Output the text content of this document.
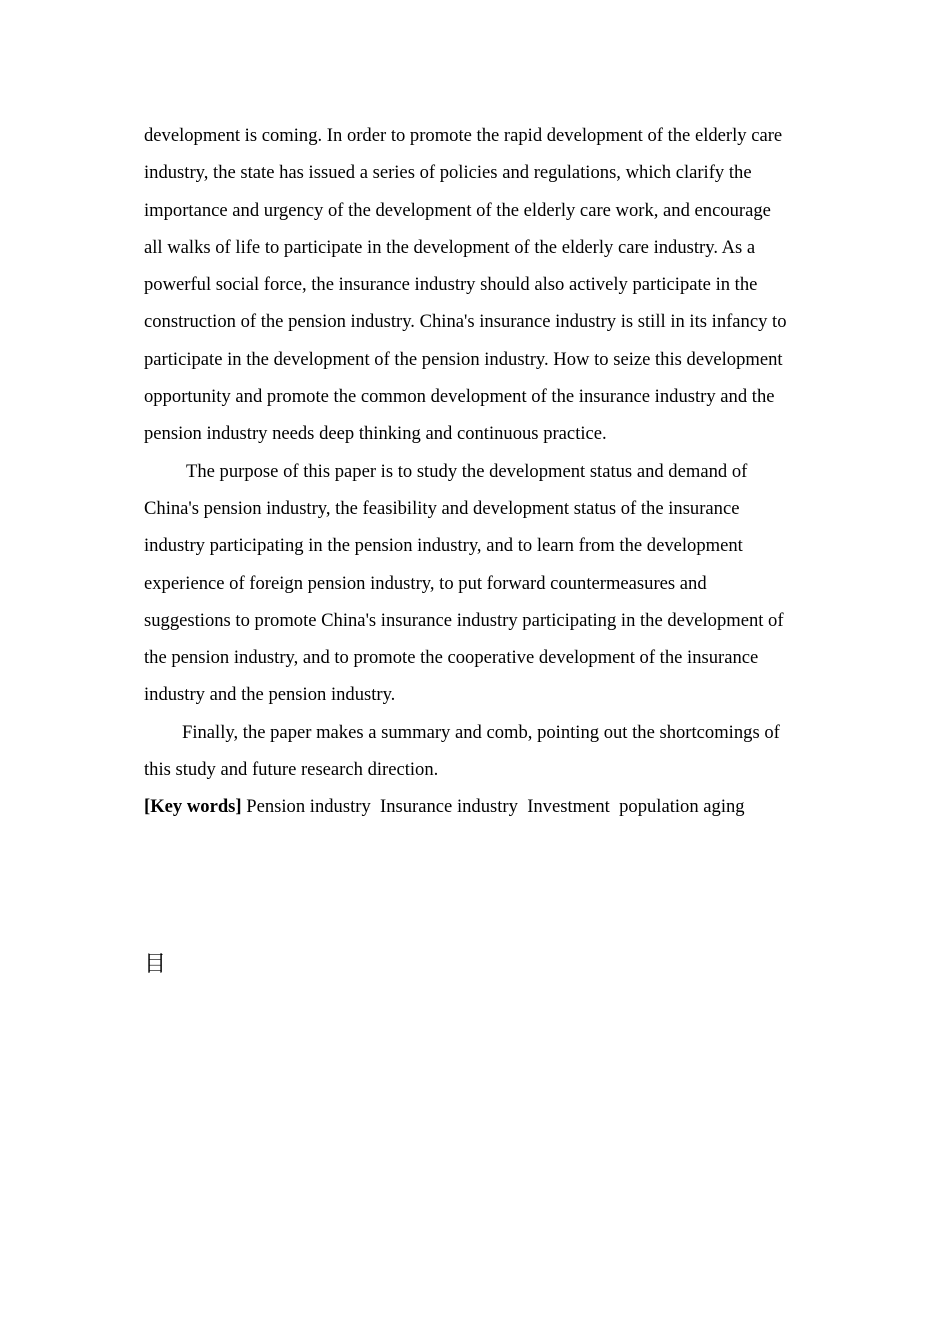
development is coming. In order to promote the rapid development of the elderly care
industry, the state has issued a series of policies and regulations, which clarify the
importance and urgency of the development of the elderly care work, and encourage
all walks of life to participate in the development of the elderly care industry. As a
powerful social force, the insurance industry should also actively participate in the
construction of the pension industry. China's insurance industry is still in its infancy to
participate in the development of the pension industry. How to seize this development
opportunity and promote the common development of the insurance industry and the
pension industry needs deep thinking and continuous practice.

The purpose of this paper is to study the development status and demand of
China's pension industry, the feasibility and development status of the insurance
industry participating in the pension industry, and to learn from the development
experience of foreign pension industry, to put forward countermeasures and
suggestions to promote China's insurance industry participating in the development of
the pension industry, and to promote the cooperative development of the insurance
industry and the pension industry.

Finally, the paper makes a summary and comb, pointing out the shortcomings of
this study and future research direction.

[Key words] Pension industry  Insurance industry  Investment  population aging

目
